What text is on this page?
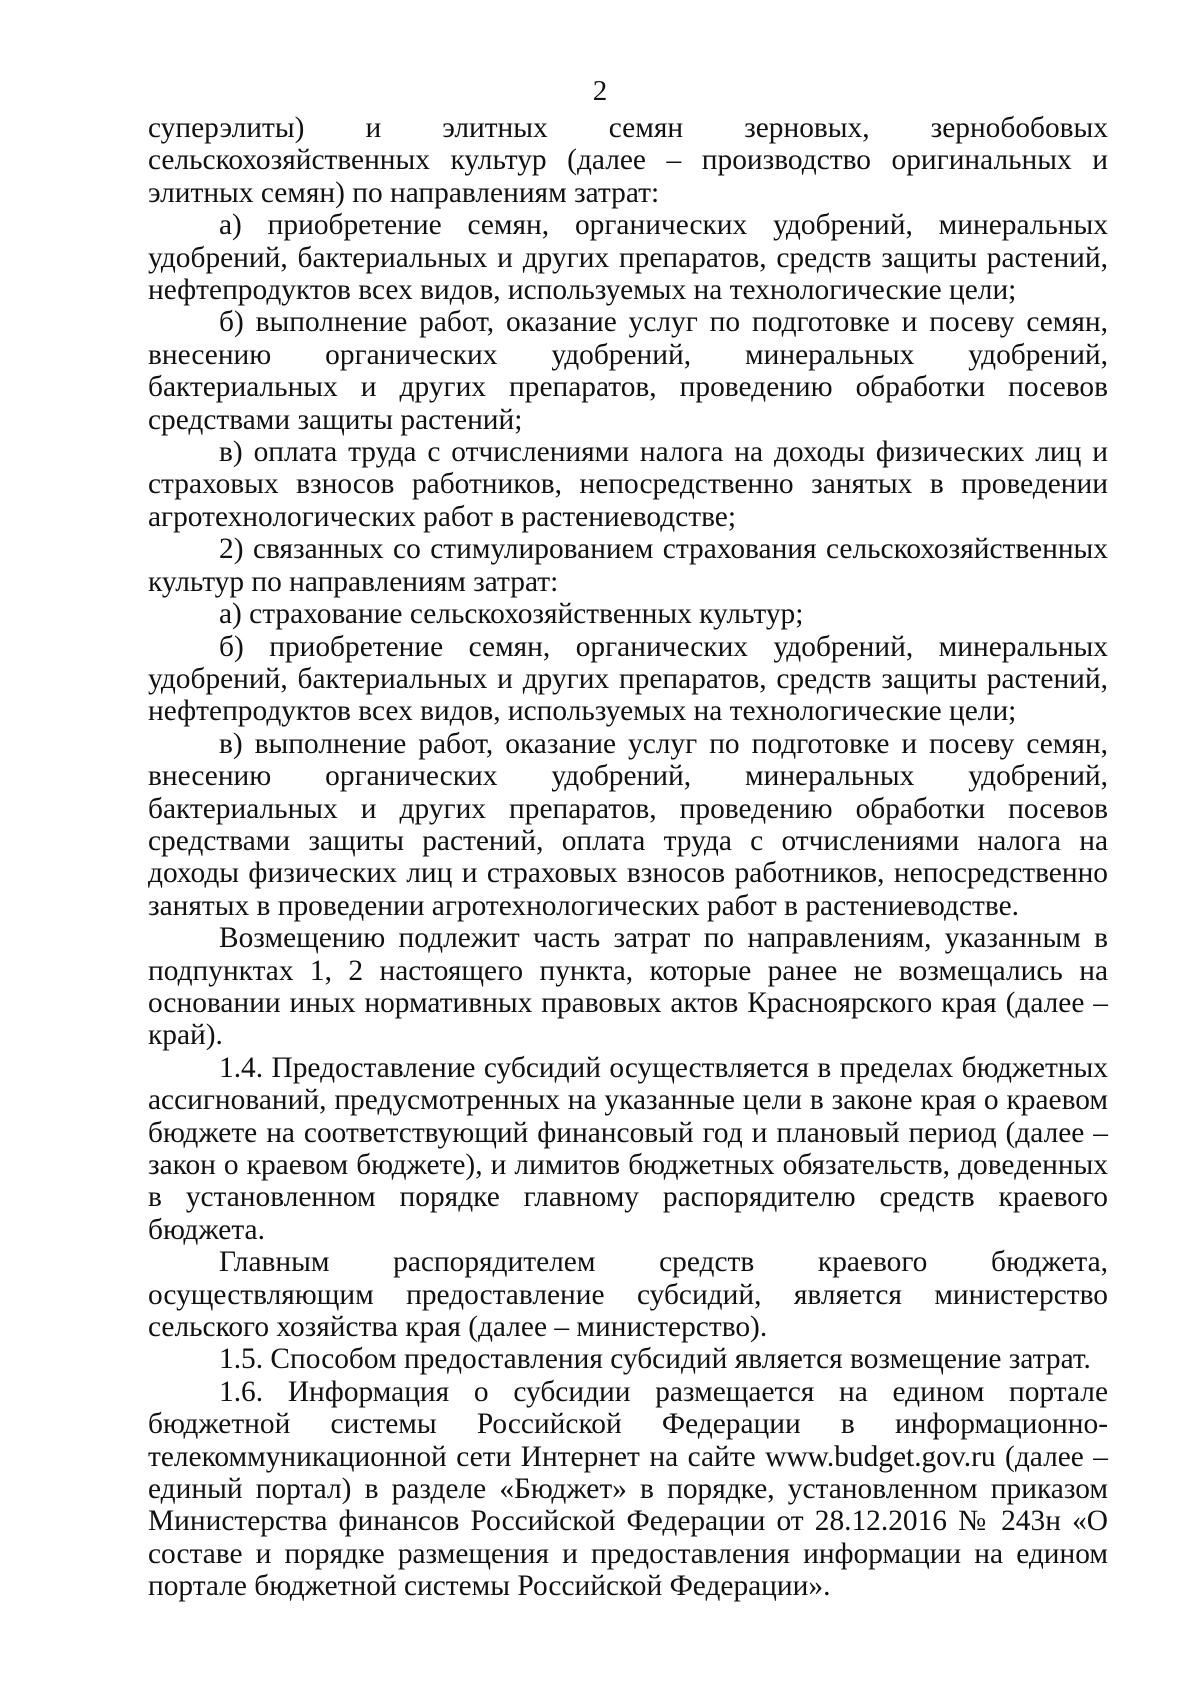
2

суперэлиты) и элитных семян зерновых, зернобобовых сельскохозяйственных культур (далее – производство оригинальных и элитных семян) по направлениям затрат:

а) приобретение семян, органических удобрений, минеральных удобрений, бактериальных и других препаратов, средств защиты растений, нефтепродуктов всех видов, используемых на технологические цели;

б) выполнение работ, оказание услуг по подготовке и посеву семян, внесению органических удобрений, минеральных удобрений, бактериальных и других препаратов, проведению обработки посевов средствами защиты растений;

в) оплата труда с отчислениями налога на доходы физических лиц и страховых взносов работников, непосредственно занятых в проведении агротехнологических работ в растениеводстве;

2) связанных со стимулированием страхования сельскохозяйственных культур по направлениям затрат:

а) страхование сельскохозяйственных культур;

б) приобретение семян, органических удобрений, минеральных удобрений, бактериальных и других препаратов, средств защиты растений, нефтепродуктов всех видов, используемых на технологические цели;

в) выполнение работ, оказание услуг по подготовке и посеву семян, внесению органических удобрений, минеральных удобрений, бактериальных и других препаратов, проведению обработки посевов средствами защиты растений, оплата труда с отчислениями налога на доходы физических лиц и страховых взносов работников, непосредственно занятых в проведении агротехнологических работ в растениеводстве.

Возмещению подлежит часть затрат по направлениям, указанным в подпунктах 1, 2 настоящего пункта, которые ранее не возмещались на основании иных нормативных правовых актов Красноярского края (далее – край).

1.4. Предоставление субсидий осуществляется в пределах бюджетных ассигнований, предусмотренных на указанные цели в законе края о краевом бюджете на соответствующий финансовый год и плановый период (далее – закон о краевом бюджете), и лимитов бюджетных обязательств, доведенных в установленном порядке главному распорядителю средств краевого бюджета.

Главным распорядителем средств краевого бюджета, осуществляющим предоставление субсидий, является министерство сельского хозяйства края (далее – министерство).

1.5. Способом предоставления субсидий является возмещение затрат.

1.6. Информация о субсидии размещается на едином портале бюджетной системы Российской Федерации в информационно-телекоммуникационной сети Интернет на сайте www.budget.gov.ru (далее – единый портал) в разделе «Бюджет» в порядке, установленном приказом Министерства финансов Российской Федерации от 28.12.2016 № 243н «О составе и порядке размещения и предоставления информации на едином портале бюджетной системы Российской Федерации».
